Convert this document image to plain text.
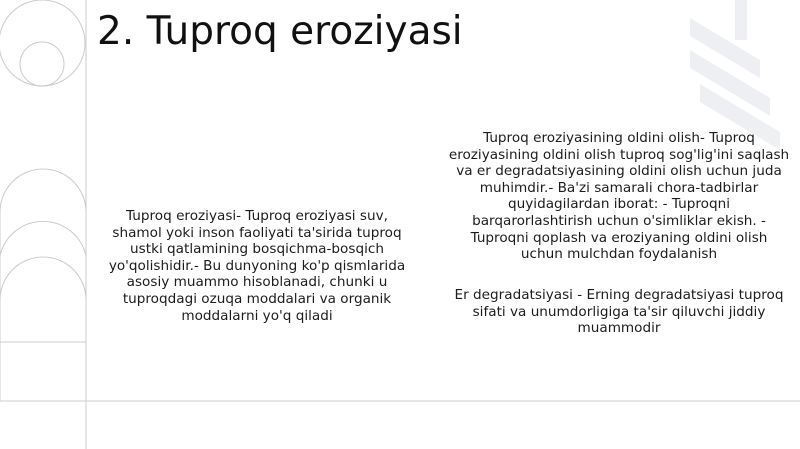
2. Tuproq eroziyasi

Tuproq eroziyasi- Tuproq eroziyasi suv, shamol yoki inson faoliyati ta'sirida tuproq ustki qatlamining bosqichma-bosqich yo'qolishidir.- Bu dunyoning ko'p qismlarida asosiy muammo hisoblanadi, chunki u tuproqdagi ozuqa moddalari va organik moddalarni yo'q qiladi

Tuproq eroziyasining oldini olish- Tuproq eroziyasining oldini olish tuproq sog'lig'ini saqlash va er degradatsiyasining oldini olish uchun juda muhimdir.- Ba'zi samarali chora-tadbirlar quyidagilardan iborat: - Tuproqni barqarorlashtirish uchun o'simliklar ekish. - Tuproqni qoplash va eroziyaning oldini olish uchun mulchdan foydalanish

Er degradatsiyasi - Erning degradatsiyasi tuproq sifati va unumdorligiga ta'sir qiluvchi jiddiy muammodir
